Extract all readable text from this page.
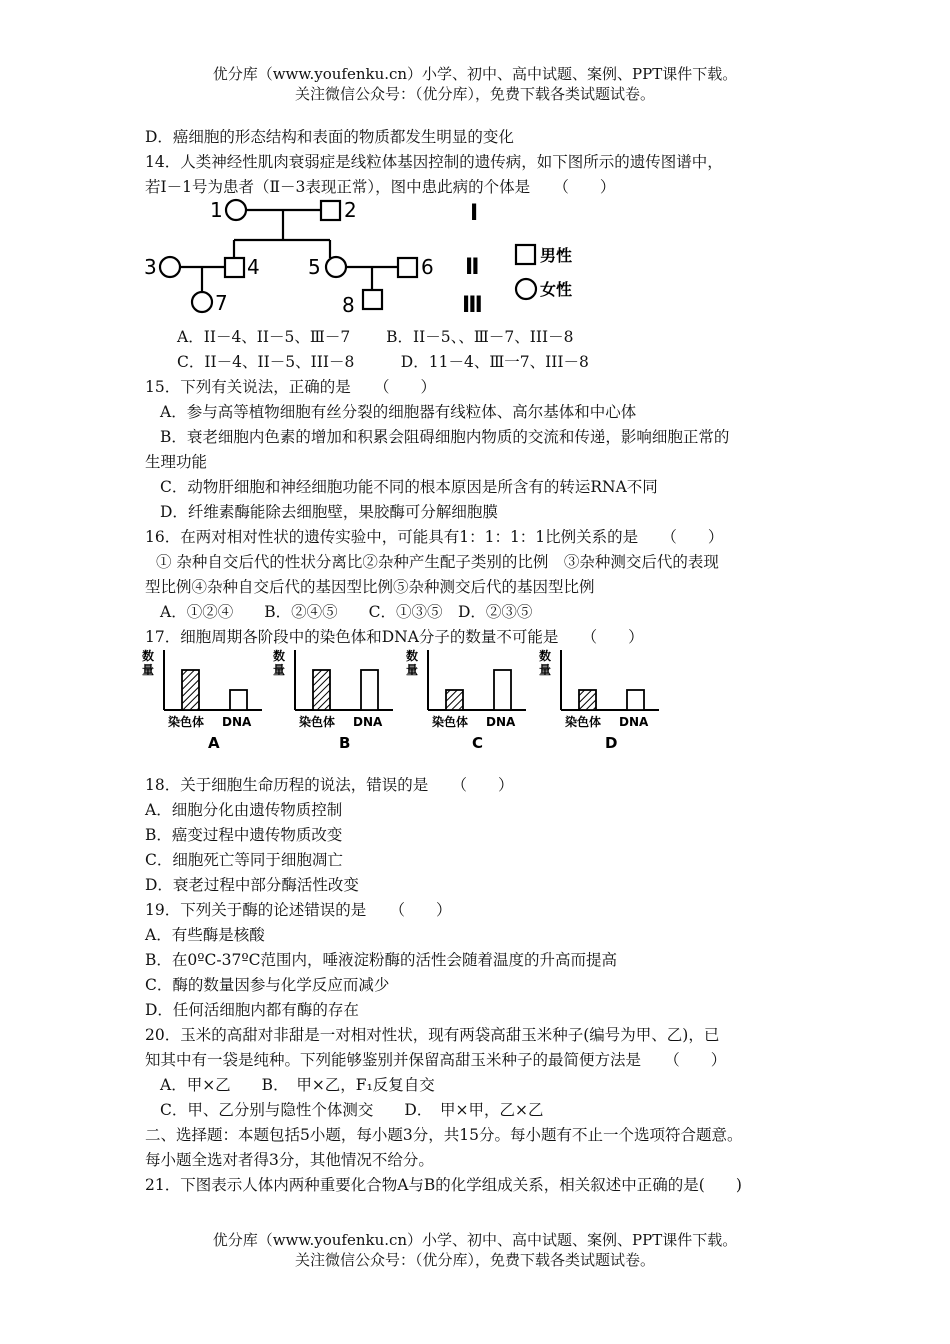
优分库（www.youfenku.cn）小学、初中、高中试题、案例、PPT课件下载。
关注微信公众号：（优分库），免费下载各类试题试卷。
D．癌细胞的形态结构和表面的物质都发生明显的变化
14．人类神经性肌肉衰弱症是线粒体基因控制的遗传病，如下图所示的遗传图谱中，
若Ⅰ－1号为患者（Ⅱ－3表现正常），图中患此病的个体是　　（　　）
1	2
3	4 5	6
7	8
Ⅰ
Ⅱ
Ⅲ
男性
女性
A．II－4、II－5、Ⅲ－7　　 B．II－5、、Ⅲ－7、III－8
C．II－4、II－5、III－8　　　D．11－4、Ⅲ一7、III－8
15．下列有关说法，正确的是　　（　　）
A．参与高等植物细胞有丝分裂的细胞器有线粒体、高尔基体和中心体
B．衰老细胞内色素的增加和积累会阻碍细胞内物质的交流和传递，影响细胞正常的
生理功能
C．动物肝细胞和神经细胞功能不同的根本原因是所含有的转运RNA不同
D．纤维素酶能除去细胞壁，果胶酶可分解细胞膜
16．在两对相对性状的遗传实验中，可能具有1：1：1：1比例关系的是　　（　　）
① 杂种自交后代的性状分离比②杂种产生配子类别的比例　③杂种测交后代的表现
型比例④杂种自交后代的基因型比例⑤杂种测交后代的基因型比例
A．①②④　　B．②④⑤　　C．①③⑤　D．②③⑤
17．细胞周期各阶段中的染色体和DNA分子的数量不可能是　　（　　）
数
量
染色体 DNA
A
数
量
染色体 DNA
B
数
量
染色体 DNA
C
数
量
染色体 DNA
D
18．关于细胞生命历程的说法，错误的是　　（　　）
A．细胞分化由遗传物质控制
B．癌变过程中遗传物质改变
C．细胞死亡等同于细胞凋亡
D．衰老过程中部分酶活性改变
19．下列关于酶的论述错误的是　　（　　）
A．有些酶是核酸
B．在0ºC-37ºC范围内，唾液淀粉酶的活性会随着温度的升高而提高
C．酶的数量因参与化学反应而减少
D．任何活细胞内都有酶的存在
20．玉米的高甜对非甜是一对相对性状，现有两袋高甜玉米种子(编号为甲、乙)，已
知其中有一袋是纯种。下列能够鉴别并保留高甜玉米种子的最简便方法是　　（　　）
A．甲×乙　　B．　甲×乙，F₁反复自交
C．甲、乙分别与隐性个体测交　　D．　甲×甲，乙×乙
二、选择题：本题包括5小题，每小题3分，共15分。每小题有不止一个选项符合题意。
每小题全选对者得3分，其他情况不给分。
21．下图表示人体内两种重要化合物A与B的化学组成关系，相关叙述中正确的是(　　)
优分库（www.youfenku.cn）小学、初中、高中试题、案例、PPT课件下载。
关注微信公众号：（优分库），免费下载各类试题试卷。
